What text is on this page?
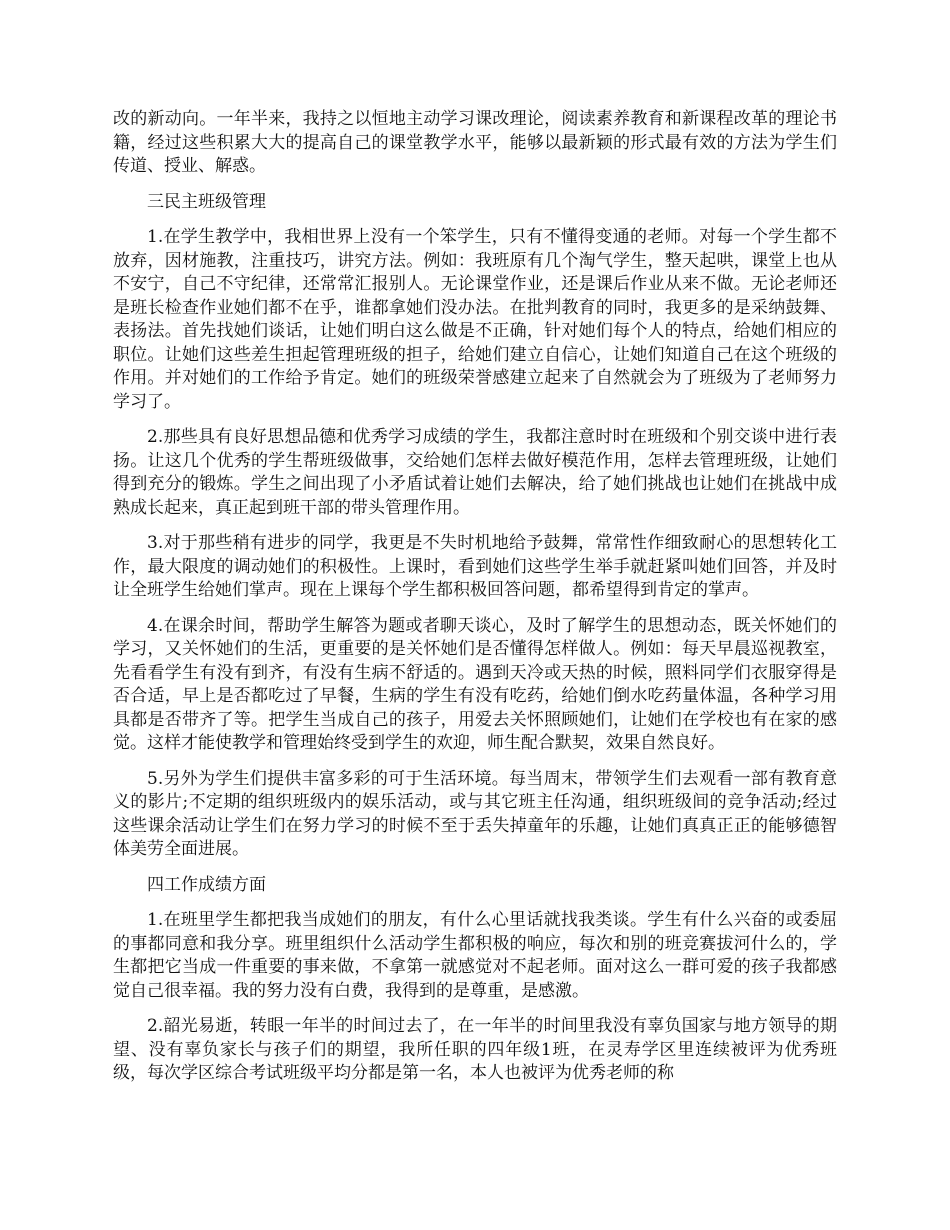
改的新动向。一年半来，我持之以恒地主动学习课改理论，阅读素养教育和新课程改革的理论书籍，经过这些积累大大的提高自己的课堂教学水平，能够以最新颖的形式最有效的方法为学生们传道、授业、解惑。

三民主班级管理

1.在学生教学中，我相世界上没有一个笨学生，只有不懂得变通的老师。对每一个学生都不放弃，因材施教，注重技巧，讲究方法。例如：我班原有几个淘气学生，整天起哄，课堂上也从不安宁，自己不守纪律，还常常汇报别人。无论课堂作业，还是课后作业从来不做。无论老师还是班长检查作业她们都不在乎，谁都拿她们没办法。在批判教育的同时，我更多的是采纳鼓舞、表扬法。首先找她们谈话，让她们明白这么做是不正确，针对她们每个人的特点，给她们相应的职位。让她们这些差生担起管理班级的担子，给她们建立自信心，让她们知道自己在这个班级的作用。并对她们的工作给予肯定。她们的班级荣誉感建立起来了自然就会为了班级为了老师努力学习了。

2.那些具有良好思想品德和优秀学习成绩的学生，我都注意时时在班级和个别交谈中进行表扬。让这几个优秀的学生帮班级做事，交给她们怎样去做好模范作用，怎样去管理班级，让她们得到充分的锻炼。学生之间出现了小矛盾试着让她们去解决，给了她们挑战也让她们在挑战中成熟成长起来，真正起到班干部的带头管理作用。

3.对于那些稍有进步的同学，我更是不失时机地给予鼓舞，常常性作细致耐心的思想转化工作，最大限度的调动她们的积极性。上课时，看到她们这些学生举手就赶紧叫她们回答，并及时让全班学生给她们掌声。现在上课每个学生都积极回答问题，都希望得到肯定的掌声。

4.在课余时间，帮助学生解答为题或者聊天谈心，及时了解学生的思想动态，既关怀她们的学习，又关怀她们的生活，更重要的是关怀她们是否懂得怎样做人。例如：每天早晨巡视教室，先看看学生有没有到齐，有没有生病不舒适的。遇到天冷或天热的时候，照料同学们衣服穿得是否合适，早上是否都吃过了早餐，生病的学生有没有吃药，给她们倒水吃药量体温，各种学习用具都是否带齐了等。把学生当成自己的孩子，用爱去关怀照顾她们，让她们在学校也有在家的感觉。这样才能使教学和管理始终受到学生的欢迎，师生配合默契，效果自然良好。

5.另外为学生们提供丰富多彩的可于生活环境。每当周末，带领学生们去观看一部有教育意义的影片;不定期的组织班级内的娱乐活动，或与其它班主任沟通，组织班级间的竞争活动;经过这些课余活动让学生们在努力学习的时候不至于丢失掉童年的乐趣，让她们真真正正的能够德智体美劳全面进展。

四工作成绩方面

1.在班里学生都把我当成她们的朋友，有什么心里话就找我类谈。学生有什么兴奋的或委屈的事都同意和我分享。班里组织什么活动学生都积极的响应，每次和别的班竞赛拔河什么的，学生都把它当成一件重要的事来做，不拿第一就感觉对不起老师。面对这么一群可爱的孩子我都感觉自己很幸福。我的努力没有白费，我得到的是尊重，是感激。

2.韶光易逝，转眼一年半的时间过去了，在一年半的时间里我没有辜负国家与地方领导的期望、没有辜负家长与孩子们的期望，我所任职的四年级1班，在灵寿学区里连续被评为优秀班级，每次学区综合考试班级平均分都是第一名，本人也被评为优秀老师的称
